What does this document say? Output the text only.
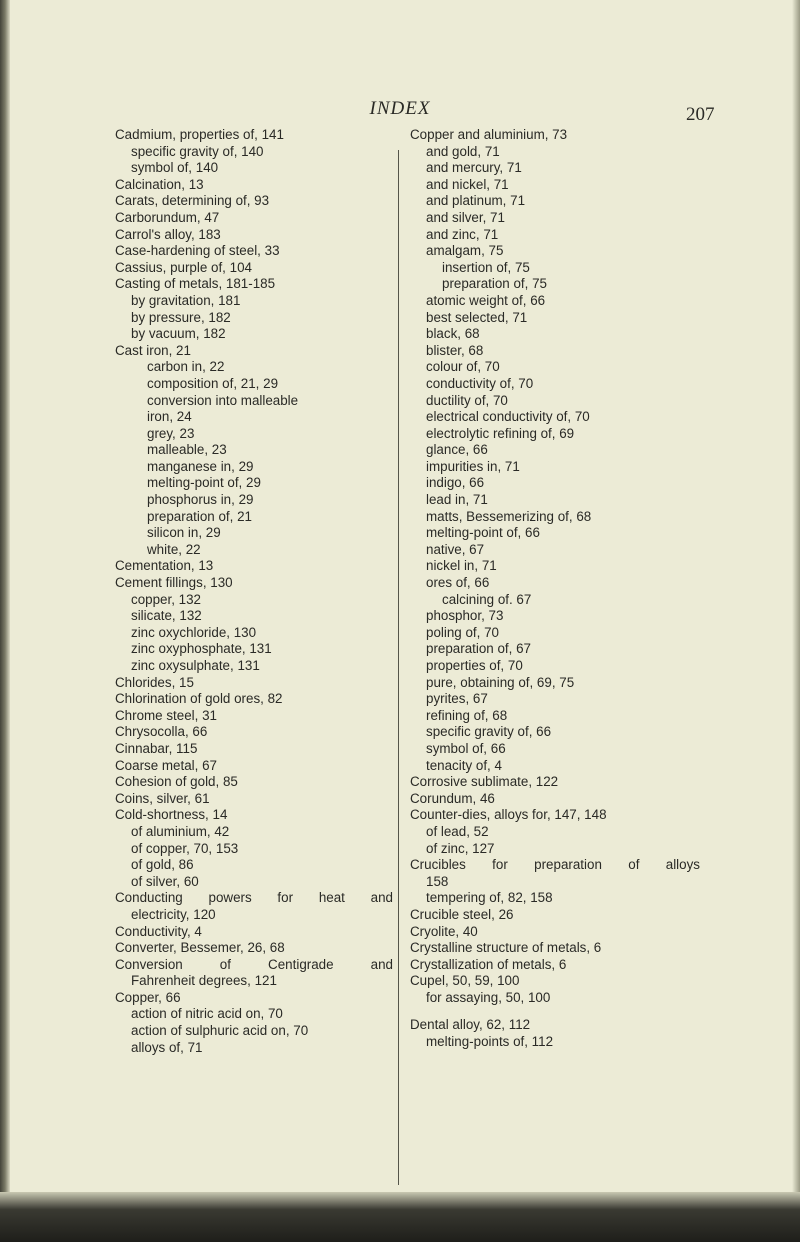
INDEX	207
Cadmium, properties of, 141
specific gravity of, 140
symbol of, 140
Calcination, 13
Carats, determining of, 93
Carborundum, 47
Carrol's alloy, 183
Case-hardening of steel, 33
Cassius, purple of, 104
Casting of metals, 181-185
by gravitation, 181
by pressure, 182
by vacuum, 182
Cast iron, 21
carbon in, 22
composition of, 21, 29
conversion into malleable
iron, 24
grey, 23
malleable, 23
manganese in, 29
melting-point of, 29
phosphorus in, 29
preparation of, 21
silicon in, 29
white, 22
Cementation, 13
Cement fillings, 130
copper, 132
silicate, 132
zinc oxychloride, 130
zinc oxyphosphate, 131
zinc oxysulphate, 131
Chlorides, 15
Chlorination of gold ores, 82
Chrome steel, 31
Chrysocolla, 66
Cinnabar, 115
Coarse metal, 67
Cohesion of gold, 85
Coins, silver, 61
Cold-shortness, 14
of aluminium, 42
of copper, 70, 153
of gold, 86
of silver, 60
Conducting powers for heat and
electricity, 120
Conductivity, 4
Converter, Bessemer, 26, 68
Conversion of Centigrade and
Fahrenheit degrees, 121
Copper, 66
action of nitric acid on, 70
action of sulphuric acid on, 70
alloys of, 71
Copper and aluminium, 73
and gold, 71
and mercury, 71
and nickel, 71
and platinum, 71
and silver, 71
and zinc, 71
amalgam, 75
insertion of, 75
preparation of, 75
atomic weight of, 66
best selected, 71
black, 68
blister, 68
colour of, 70
conductivity of, 70
ductility of, 70
electrical conductivity of, 70
electrolytic refining of, 69
glance, 66
impurities in, 71
indigo, 66
lead in, 71
matts, Bessemerizing of, 68
melting-point of, 66
native, 67
nickel in, 71
ores of, 66
calcining of. 67
phosphor, 73
poling of, 70
preparation of, 67
properties of, 70
pure, obtaining of, 69, 75
pyrites, 67
refining of, 68
specific gravity of, 66
symbol of, 66
tenacity of, 4
Corrosive sublimate, 122
Corundum, 46
Counter-dies, alloys for, 147, 148
of lead, 52
of zinc, 127
Crucibles for preparation of alloys
158
tempering of, 82, 158
Crucible steel, 26
Cryolite, 40
Crystalline structure of metals, 6
Crystallization of metals, 6
Cupel, 50, 59, 100
for assaying, 50, 100
Dental alloy, 62, 112
melting-points of, 112
